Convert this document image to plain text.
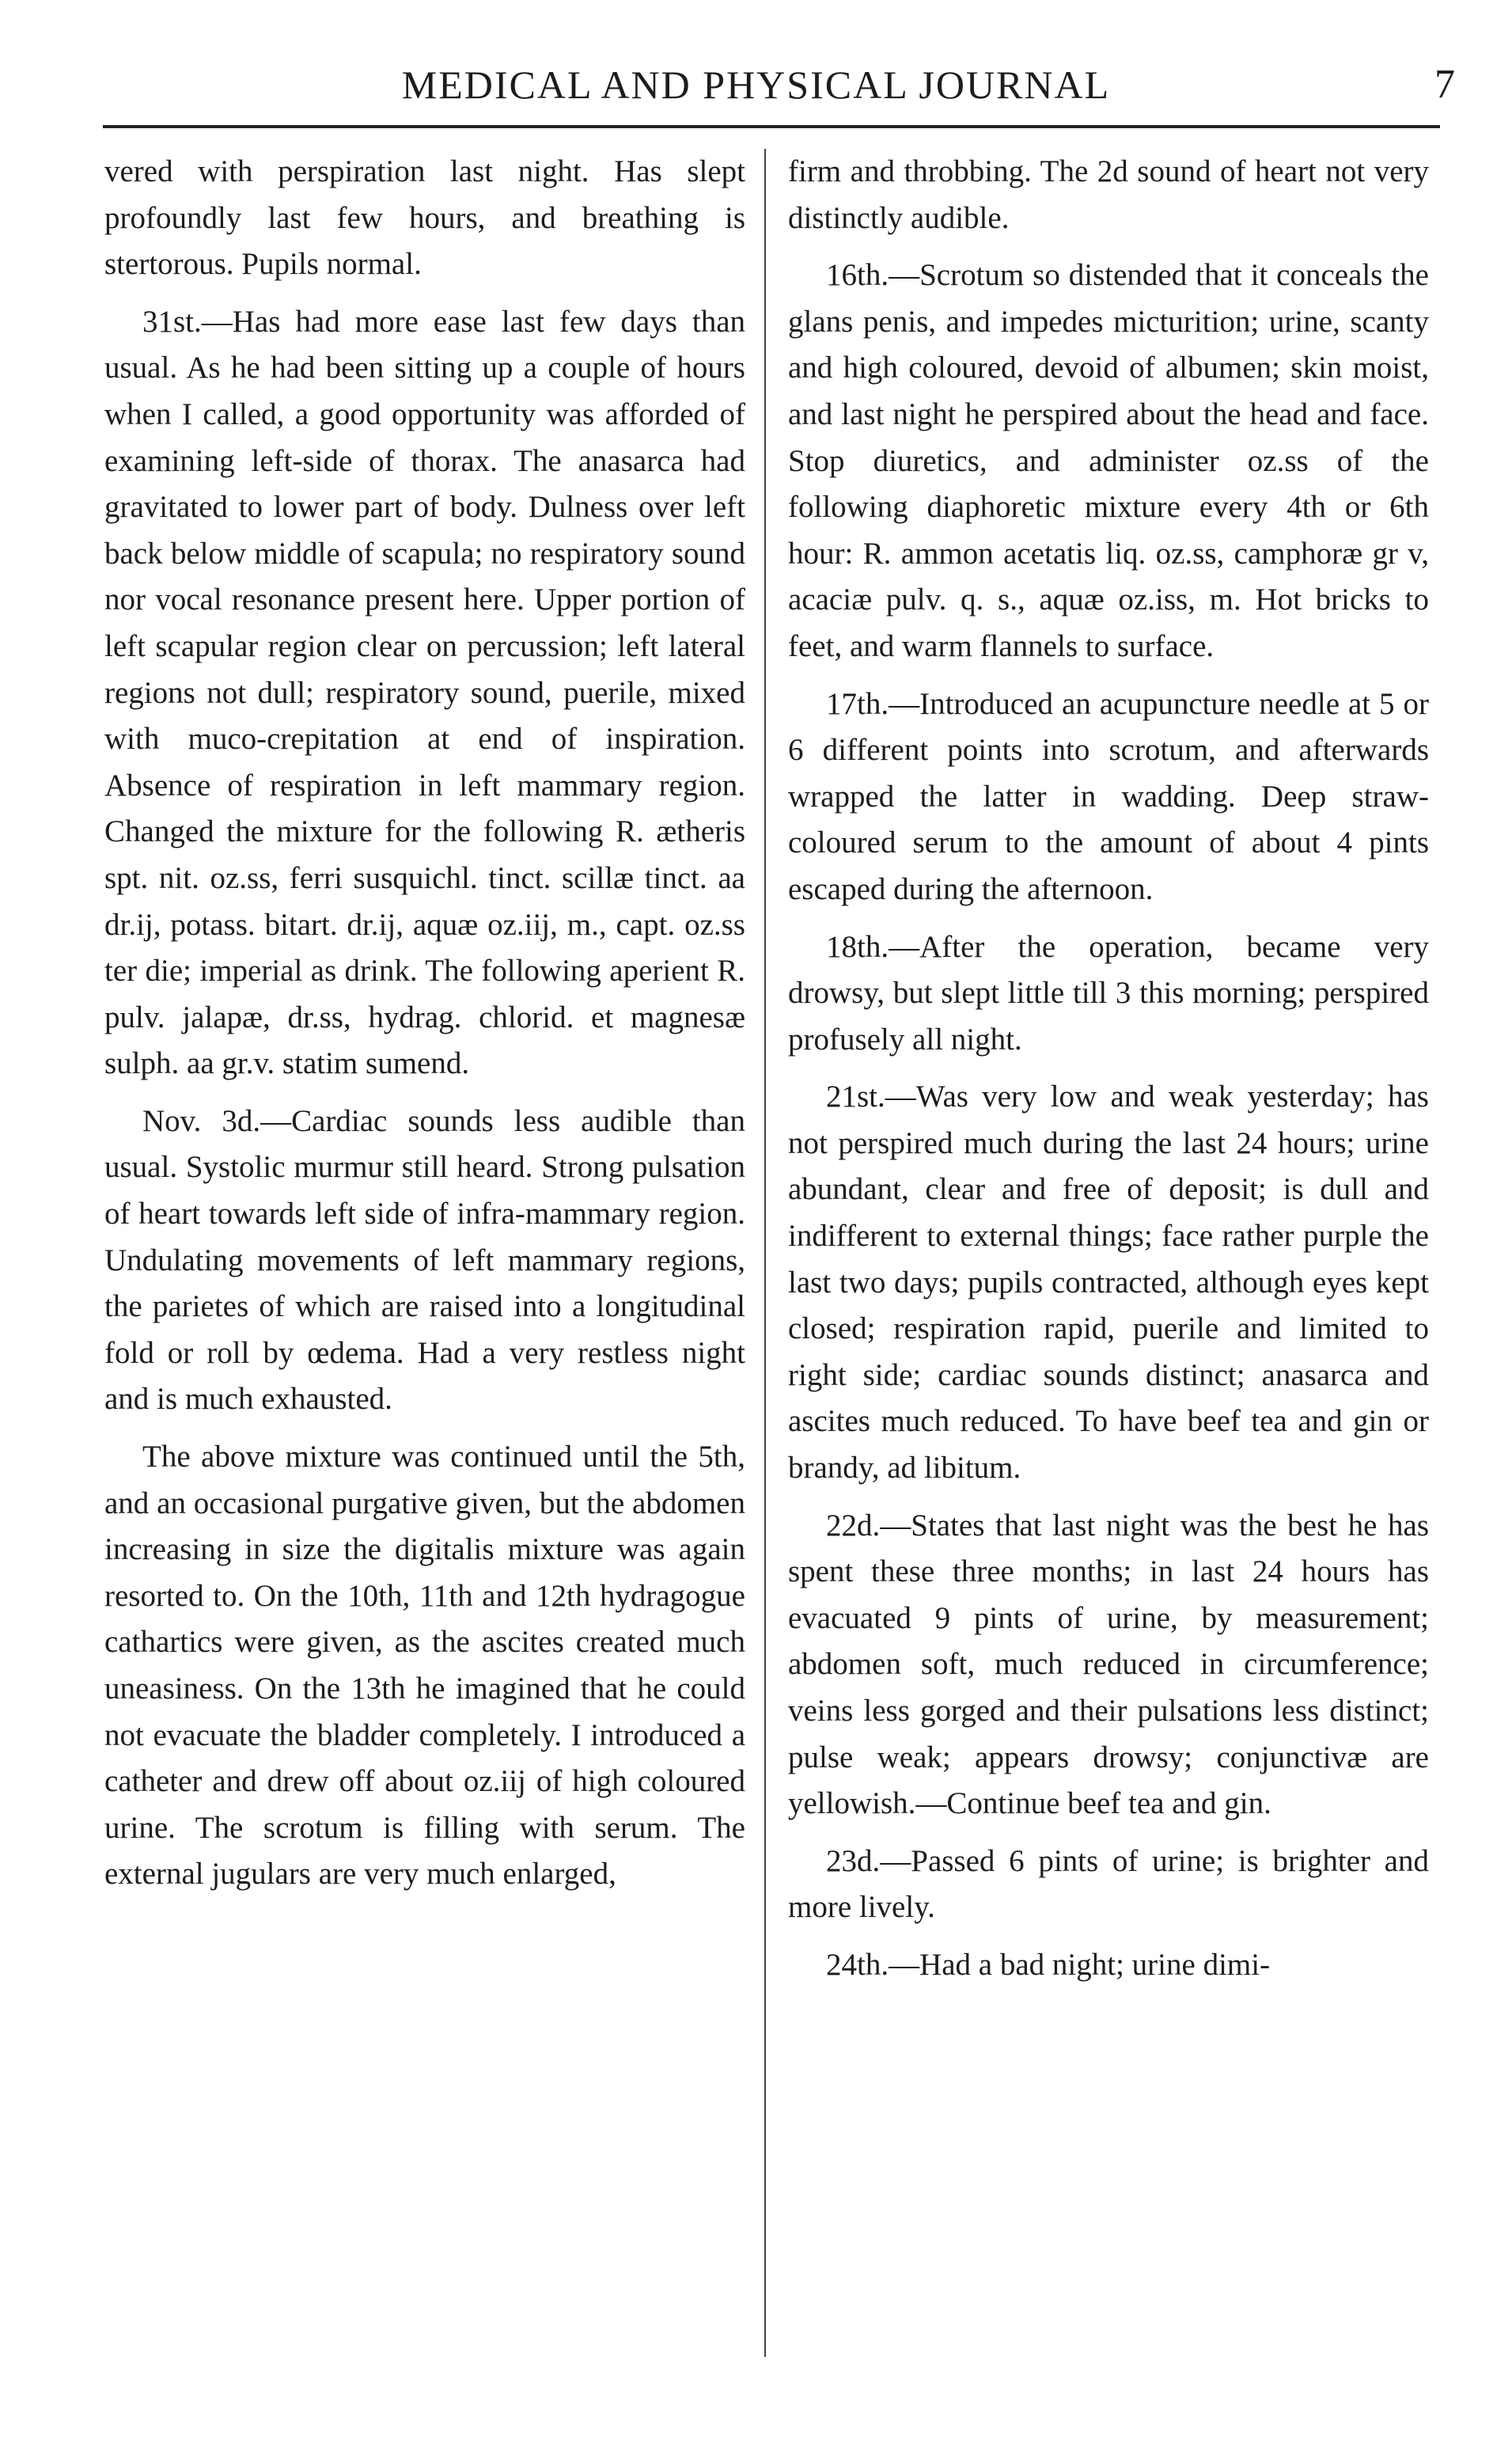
MEDICAL AND PHYSICAL JOURNAL	7

vered with perspiration last night. Has slept profoundly last few hours, and breathing is stertorous. Pupils normal.

31st.—Has had more ease last few days than usual. As he had been sitting up a couple of hours when I called, a good opportunity was afforded of examining left-side of thorax. The anasarca had gravitated to lower part of body. Dulness over left back below middle of scapula; no respiratory sound nor vocal resonance present here. Upper portion of left scapular region clear on percussion; left lateral regions not dull; respiratory sound, puerile, mixed with muco-crepitation at end of inspiration. Absence of respiration in left mammary region. Changed the mixture for the following R. ætheris spt. nit. oz.ss, ferri susquichl. tinct. scillæ tinct. aa dr.ij, potass. bitart. dr.ij, aquæ oz.iij, m., capt. oz.ss ter die; imperial as drink. The following aperient R. pulv. jalapæ, dr.ss, hydrag. chlorid. et magnesæ sulph. aa gr.v. statim sumend.

Nov. 3d.—Cardiac sounds less audible than usual. Systolic murmur still heard. Strong pulsation of heart towards left side of infra-mammary region. Undulating movements of left mammary regions, the parietes of which are raised into a longitudinal fold or roll by œdema. Had a very restless night and is much exhausted.

The above mixture was continued until the 5th, and an occasional purgative given, but the abdomen increasing in size the digitalis mixture was again resorted to. On the 10th, 11th and 12th hydragogue cathartics were given, as the ascites created much uneasiness. On the 13th he imagined that he could not evacuate the bladder completely. I introduced a catheter and drew off about oz.iij of high coloured urine. The scrotum is filling with serum. The external jugulars are very much enlarged,

firm and throbbing. The 2d sound of heart not very distinctly audible.

16th.—Scrotum so distended that it conceals the glans penis, and impedes micturition; urine, scanty and high coloured, devoid of albumen; skin moist, and last night he perspired about the head and face. Stop diuretics, and administer oz.ss of the following diaphoretic mixture every 4th or 6th hour: R. ammon acetatis liq. oz.ss, camphoræ gr v, acaciæ pulv. q. s., aquæ oz.iss, m. Hot bricks to feet, and warm flannels to surface.

17th.—Introduced an acupuncture needle at 5 or 6 different points into scrotum, and afterwards wrapped the latter in wadding. Deep straw-coloured serum to the amount of about 4 pints escaped during the afternoon.

18th.—After the operation, became very drowsy, but slept little till 3 this morning; perspired profusely all night.

21st.—Was very low and weak yesterday; has not perspired much during the last 24 hours; urine abundant, clear and free of deposit; is dull and indifferent to external things; face rather purple the last two days; pupils contracted, although eyes kept closed; respiration rapid, puerile and limited to right side; cardiac sounds distinct; anasarca and ascites much reduced. To have beef tea and gin or brandy, ad libitum.

22d.—States that last night was the best he has spent these three months; in last 24 hours has evacuated 9 pints of urine, by measurement; abdomen soft, much reduced in circumference; veins less gorged and their pulsations less distinct; pulse weak; appears drowsy; conjunctivæ are yellowish.—Continue beef tea and gin.

23d.—Passed 6 pints of urine; is brighter and more lively.

24th.—Had a bad night; urine dimi-
